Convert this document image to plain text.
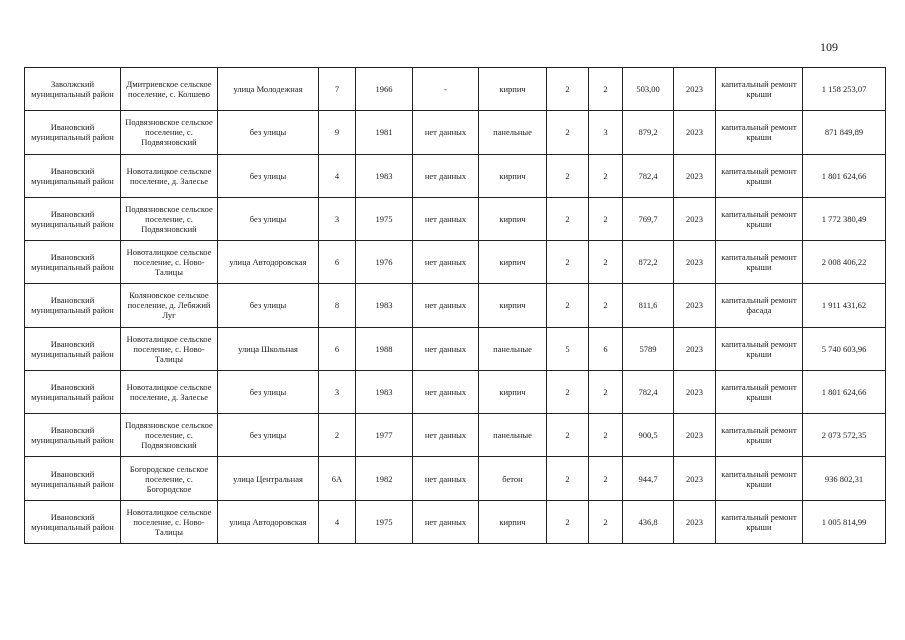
109
Заволжский муниципальный район	Дмитриевское сельское поселение, с. Колшево	улица Молодежная	7	1966	-	кирпич	2	2	503,00	2023	капитальный ремонт крыши	1 158 253,07
Ивановский муниципальный район	Подвязновское сельское поселение, с. Подвязновский	без улицы	9	1981	нет данных	панельные	2	3	879,2	2023	капитальный ремонт крыши	871 849,89
Ивановский муниципальный район	Новоталицкое сельское поселение, д. Залесье	без улицы	4	1983	нет данных	кирпич	2	2	782,4	2023	капитальный ремонт крыши	1 801 624,66
Ивановский муниципальный район	Подвязновское сельское поселение, с. Подвязновский	без улицы	3	1975	нет данных	кирпич	2	2	769,7	2023	капитальный ремонт крыши	1 772 380,49
Ивановский муниципальный район	Новоталицкое сельское поселение, с. Ново-Талицы	улица Автодоровская	6	1976	нет данных	кирпич	2	2	872,2	2023	капитальный ремонт крыши	2 008 406,22
Ивановский муниципальный район	Коляновское сельское поселение, д. Лебяжий Луг	без улицы	8	1983	нет данных	кирпич	2	2	811,6	2023	капитальный ремонт фасада	1 911 431,62
Ивановский муниципальный район	Новоталицкое сельское поселение, с. Ново-Талицы	улица Школьная	6	1988	нет данных	панельные	5	6	5789	2023	капитальный ремонт крыши	5 740 603,96
Ивановский муниципальный район	Новоталицкое сельское поселение, д. Залесье	без улицы	3	1983	нет данных	кирпич	2	2	782,4	2023	капитальный ремонт крыши	1 801 624,66
Ивановский муниципальный район	Подвязновское сельское поселение, с. Подвязновский	без улицы	2	1977	нет данных	панельные	2	2	900,5	2023	капитальный ремонт крыши	2 073 572,35
Ивановский муниципальный район	Богородское сельское поселение, с. Богородское	улица Центральная	6А	1982	нет данных	бетон	2	2	944,7	2023	капитальный ремонт крыши	936 802,31
Ивановский муниципальный район	Новоталицкое сельское поселение, с. Ново-Талицы	улица Автодоровская	4	1975	нет данных	кирпич	2	2	436,8	2023	капитальный ремонт крыши	1 005 814,99
